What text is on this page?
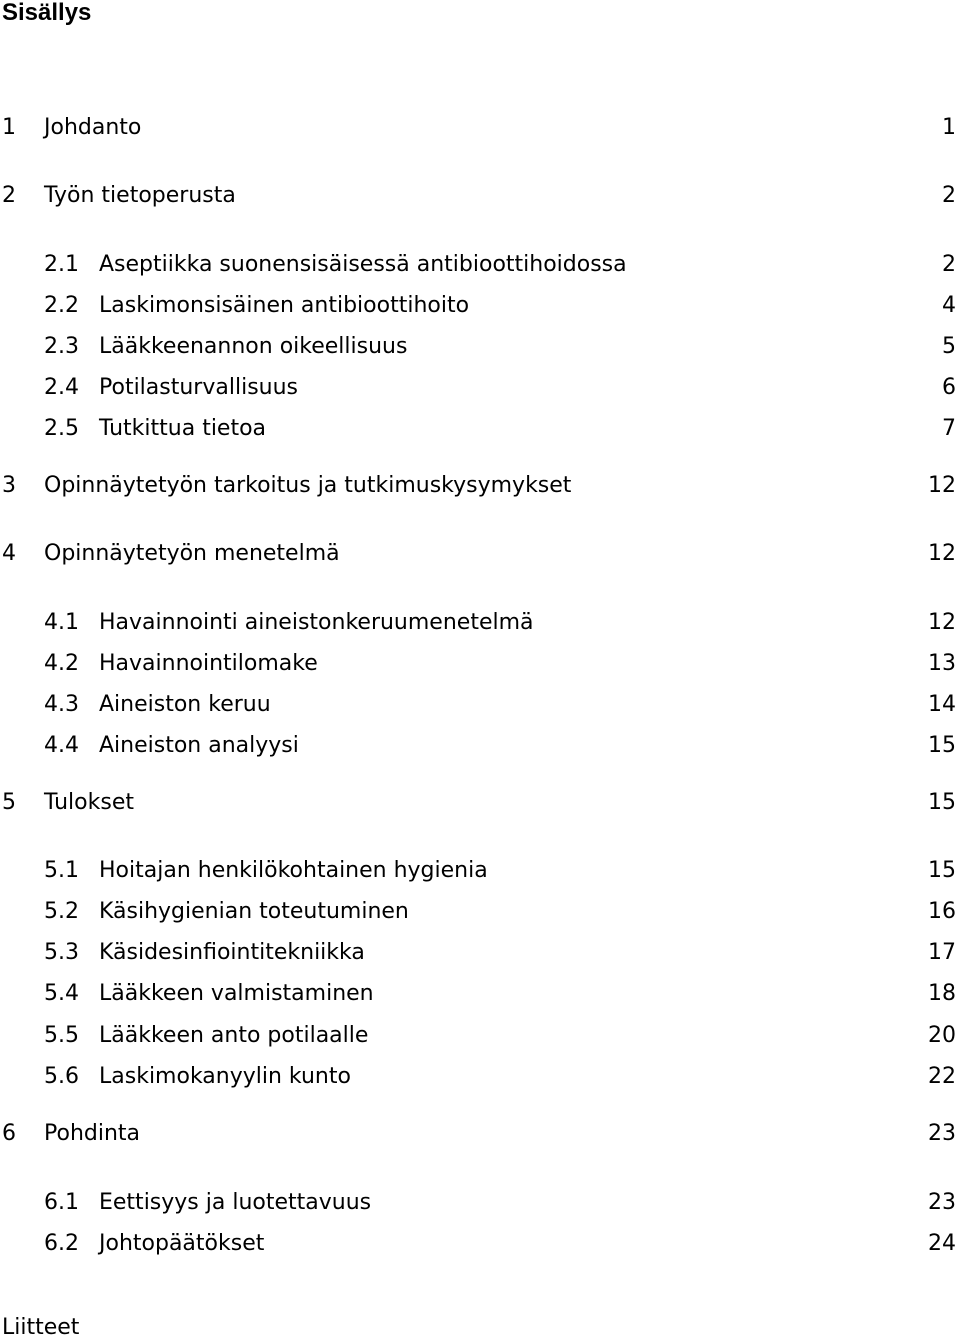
Sisällys
1 Johdanto	1
2 Työn tietoperusta	2
2.1 Aseptiikka suonensisäisessä antibioottihoidossa	2
2.2 Laskimonsisäinen antibioottihoito	4
2.3 Lääkkeenannon oikeellisuus	5
2.4 Potilasturvallisuus	6
2.5 Tutkittua tietoa	7
3 Opinnäytetyön tarkoitus ja tutkimuskysymykset	12
4 Opinnäytetyön menetelmä	12
4.1 Havainnointi aineistonkeruumenetelmä	12
4.2 Havainnointilomake	13
4.3 Aineiston keruu	14
4.4 Aineiston analyysi	15
5 Tulokset	15
5.1 Hoitajan henkilökohtainen hygienia	15
5.2 Käsihygienian toteutuminen	16
5.3 Käsidesinfiointitekniikka	17
5.4 Lääkkeen valmistaminen	18
5.5 Lääkkeen anto potilaalle	20
5.6 Laskimokanyylin kunto	22
6 Pohdinta	23
6.1 Eettisyys ja luotettavuus	23
6.2 Johtopäätökset	24
Liitteet
